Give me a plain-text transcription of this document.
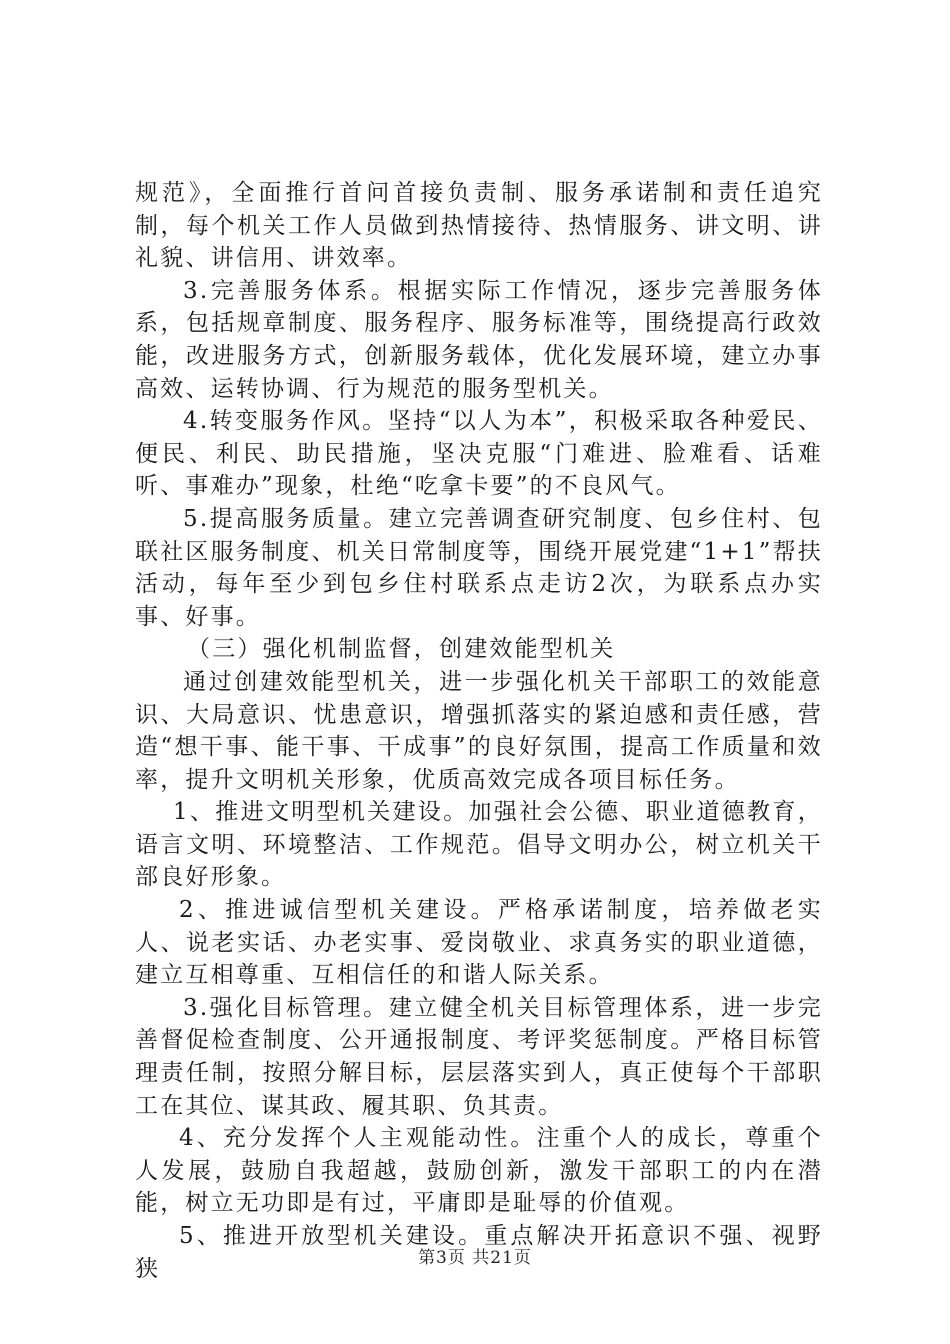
规范》，全面推行首问首接负责制、服务承诺制和责任追究制，每个机关工作人员做到热情接待、热情服务、讲文明、讲礼貌、讲信用、讲效率。

3.完善服务体系。根据实际工作情况，逐步完善服务体系，包括规章制度、服务程序、服务标准等，围绕提高行政效能，改进服务方式，创新服务载体，优化发展环境，建立办事高效、运转协调、行为规范的服务型机关。

4.转变服务作风。坚持“以人为本”，积极采取各种爱民、便民、利民、助民措施，坚决克服“门难进、脸难看、话难听、事难办”现象，杜绝“吃拿卡要”的不良风气。

5.提高服务质量。建立完善调查研究制度、包乡住村、包联社区服务制度、机关日常制度等，围绕开展党建“1+1”帮扶活动，每年至少到包乡住村联系点走访2次，为联系点办实事、好事。

（三）强化机制监督，创建效能型机关

通过创建效能型机关，进一步强化机关干部职工的效能意识、大局意识、忧患意识，增强抓落实的紧迫感和责任感，营造“想干事、能干事、干成事”的良好氛围，提高工作质量和效率，提升文明机关形象，优质高效完成各项目标任务。

1、推进文明型机关建设。加强社会公德、职业道德教育，语言文明、环境整洁、工作规范。倡导文明办公，树立机关干部良好形象。

2、推进诚信型机关建设。严格承诺制度，培养做老实人、说老实话、办老实事、爱岗敬业、求真务实的职业道德，建立互相尊重、互相信任的和谐人际关系。

3.强化目标管理。建立健全机关目标管理体系，进一步完善督促检查制度、公开通报制度、考评奖惩制度。严格目标管理责任制，按照分解目标，层层落实到人，真正使每个干部职工在其位、谋其政、履其职、负其责。

4、充分发挥个人主观能动性。注重个人的成长，尊重个人发展，鼓励自我超越，鼓励创新，激发干部职工的内在潜能，树立无功即是有过，平庸即是耻辱的价值观。

5、推进开放型机关建设。重点解决开拓意识不强、视野狭	第3页 共21页
